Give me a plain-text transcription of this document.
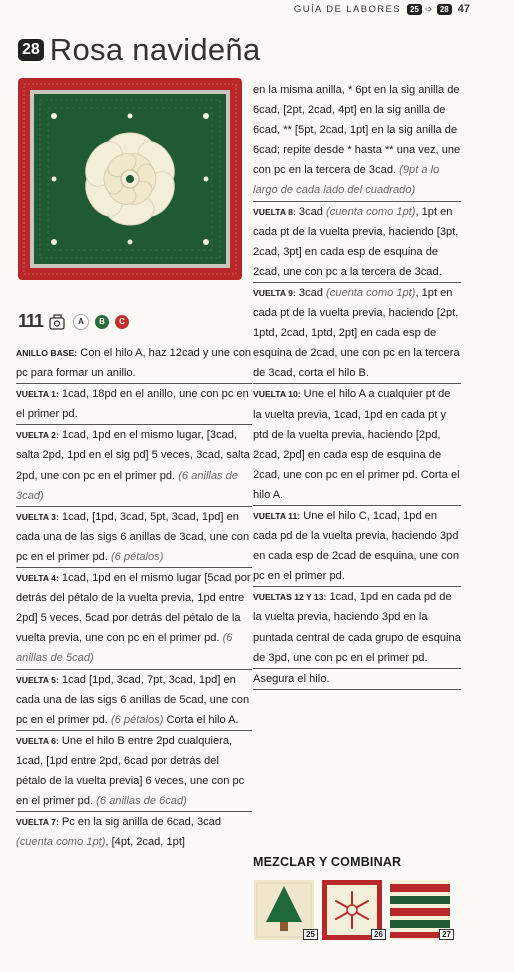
GUÍA DE LABORES	25 ➩ 28 47
28 Rosa navideña
111	A	B	C
ANILLO BASE: Con el hilo A, haz 12cad y une con pc para formar un anillo.
VUELTA 1: 1cad, 18pd en el anillo, une con pc en el primer pd.
VUELTA 2: 1cad, 1pd en el mismo lugar, [3cad, salta 2pd, 1pd en el sig pd] 5 veces, 3cad, salta 2pd, une con pc en el primer pd. (6 anillas de 3cad)
VUELTA 3: 1cad, [1pd, 3cad, 5pt, 3cad, 1pd] en cada una de las sigs 6 anillas de 3cad, une con pc en el primer pd. (6 pétalos)
VUELTA 4: 1cad, 1pd en el mismo lugar [5cad por detrás del pétalo de la vuelta previa, 1pd entre 2pd] 5 veces, 5cad por detrás del pétalo de la vuelta previa, une con pc en el primer pd. (6 anillas de 5cad)
VUELTA 5: 1cad [1pd, 3cad, 7pt, 3cad, 1pd] en cada una de las sigs 6 anillas de 5cad, une con pc en el primer pd. (6 pétalos) Corta el hilo A.
VUELTA 6: Une el hilo B entre 2pd cualquiera, 1cad, [1pd entre 2pd, 6cad por detrás del pétalo de la vuelta previa] 6 veces, une con pc en el primer pd. (6 anillas de 6cad)
VUELTA 7: Pc en la sig anilla de 6cad, 3cad (cuenta como 1pt), [4pt, 2cad, 1pt]
en la misma anilla, * 6pt en la sig anilla de 6cad, [2pt, 2cad, 4pt] en la sig anilla de 6cad, ** [5pt, 2cad, 1pt] en la sig anilla de 6cad; repite desde * hasta ** una vez, une con pc en la tercera de 3cad. (9pt a lo largo de cada lado del cuadrado)
VUELTA 8: 3cad (cuenta como 1pt), 1pt en cada pt de la vuelta previa, haciendo [3pt, 2cad, 3pt] en cada esp de esquina de 2cad, une con pc a la tercera de 3cad.
VUELTA 9: 3cad (cuenta como 1pt), 1pt en cada pt de la vuelta previa, haciendo [2pt, 1ptd, 2cad, 1ptd, 2pt] en cada esp de esquina de 2cad, une con pc en la tercera de 3cad, corta el hilo B.
VUELTA 10: Une el hilo A a cualquier pt de la vuelta previa, 1cad, 1pd en cada pt y ptd de la vuelta previa, haciendo [2pd, 2cad, 2pd] en cada esp de esquina de 2cad, une con pc en el primer pd. Corta el hilo A.
VUELTA 11: Une el hilo C, 1cad, 1pd en cada pd de la vuelta previa, haciendo 3pd en cada esp de 2cad de esquina, une con pc en el primer pd.
VUELTAS 12 Y 13: 1cad, 1pd en cada pd de la vuelta previa, haciendo 3pd en la puntada central de cada grupo de esquina de 3pd, une con pc en el primer pd.
Asegura el hilo.
MEZCLAR Y COMBINAR
25	26	27
